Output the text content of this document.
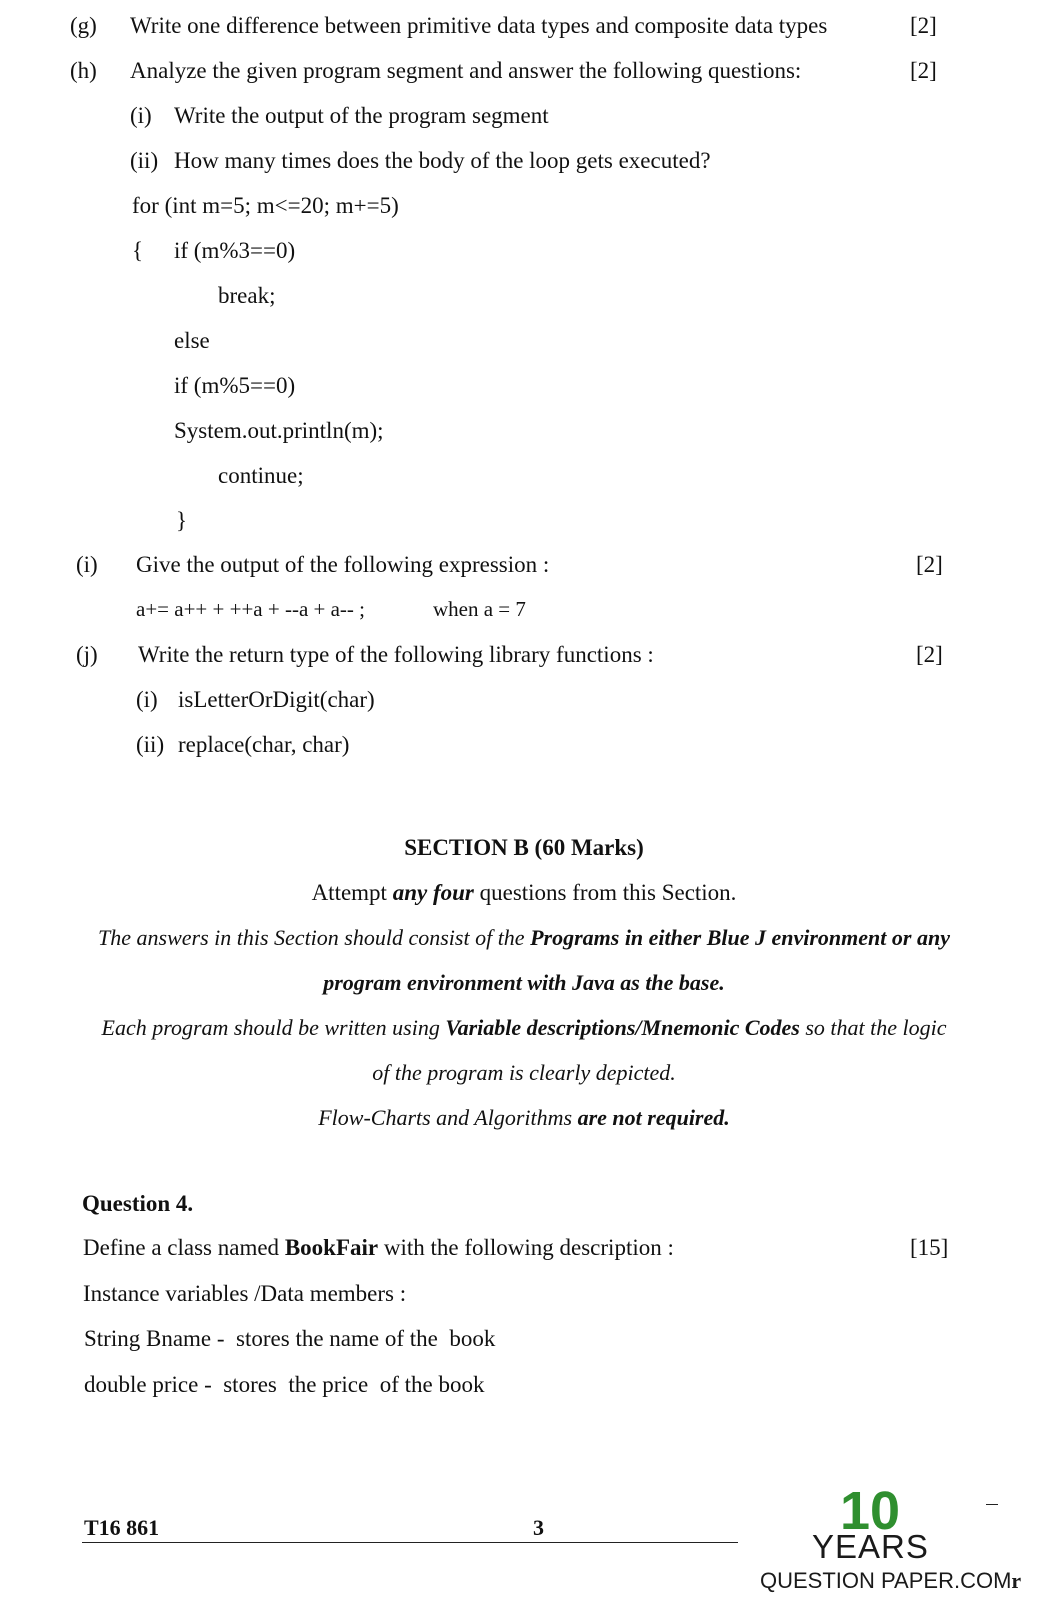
(g) Write one difference between primitive data types and composite data types	[2]
(h) Analyze the given program segment and answer the following questions:	[2]
(i) Write the output of the program segment
(ii) How many times does the body of the loop gets executed?
for (int m=5; m<=20; m+=5)
{ if (m%3==0)
break;
else
if (m%5==0)
System.out.println(m);
continue;
}
(i) Give the output of the following expression :	[2]
a+= a++ + ++a + --a + a-- ;	when a = 7
(j) Write the return type of the following library functions :	[2]
(i) isLetterOrDigit(char)
(ii) replace(char, char)
SECTION B (60 Marks)
Attempt any four questions from this Section.
The answers in this Section should consist of the Programs in either Blue J environment or any
program environment with Java as the base.
Each program should be written using Variable descriptions/Mnemonic Codes so that the logic
of the program is clearly depicted.
Flow-Charts and Algorithms are not required.
Question 4.
Define a class named BookFair with the following description :	[15]
Instance variables /Data members :
String Bname -  stores the name of the  book
double price -  stores  the price  of the book
T16 861	3	10
YEARS
QUESTION PAPER.COMr
